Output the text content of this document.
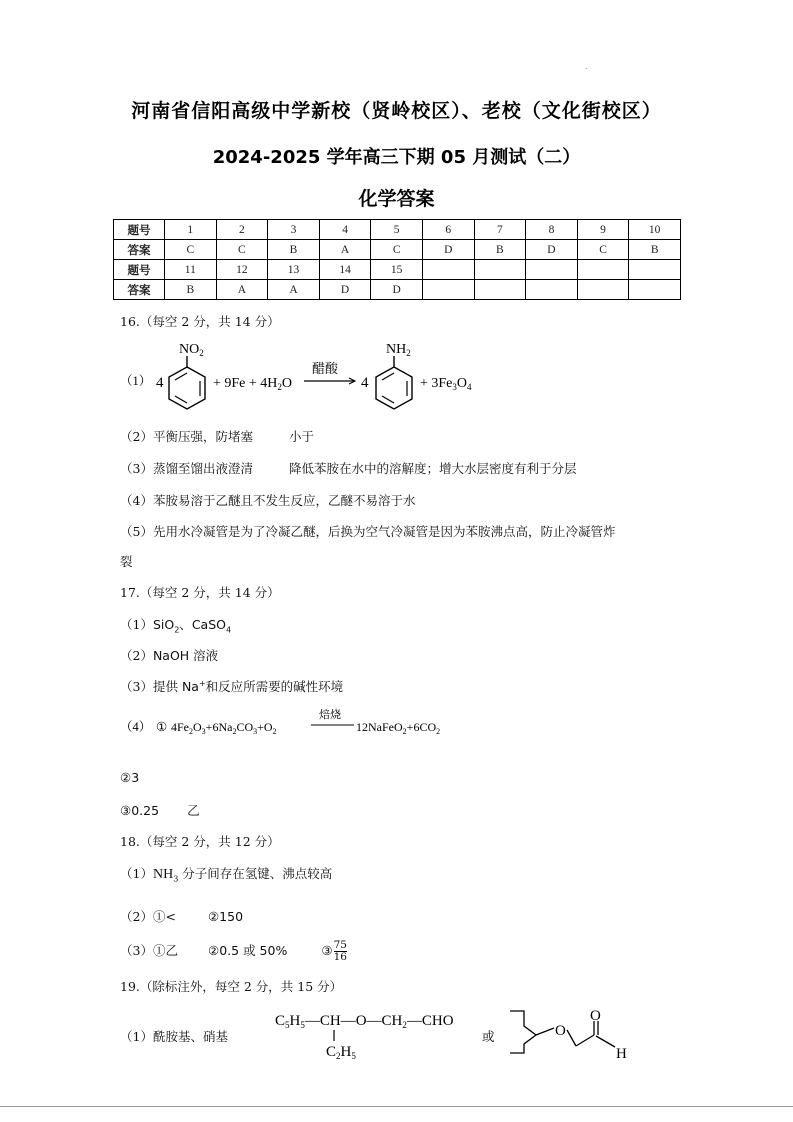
.
河南省信阳高级中学新校（贤岭校区）、老校（文化街校区）
2024-2025 学年高三下期 05 月测试（二）
化学答案
题号	1	2	3	4	5	6	7	8	9	10
答案	C	C	B	A	C	D	B	D	C	B
题号	11	12	13	14	15					
答案	B	A	A	D	D					
16.（每空 2 分，共 14 分）
（1） 4
$NO_2$
+ $9Fe + 4H_2O$
醋酸
4
$NH_2$
+ $3Fe_3O_4$
（2）平衡压强，防堵塞	小于
（3）蒸馏至馏出液澄清	降低苯胺在水中的溶解度；增大水层密度有利于分层
（4）苯胺易溶于乙醚且不发生反应，乙醚不易溶于水
（5）先用水冷凝管是为了冷凝乙醚，后换为空气冷凝管是因为苯胺沸点高，防止冷凝管炸
裂
17.（每空 2 分，共 14 分）
（1）SiO$_2$、CaSO$_4$
（2）NaOH 溶液
（3）提供 Na+和反应所需要的碱性环境
（4） ① $4Fe_2O_3+6Na_2CO_3+O_2$
焙烧
$12NaFeO_2+6CO_2$
②3
③0.25 乙
18.（每空 2 分，共 12 分）
$(1)NH_3$ 分子间存在氢键、沸点较高
（2）①<	②150
（3）①乙 ②0.5 或 50%	③ $\frac{75}{16}$
19.（除标注外，每空 2 分，共 15 分）
（1）酰胺基、硝基
$C_5H_5—CH—O—CH_2—CHO$
$C_2H_5$
或	O
O
H
